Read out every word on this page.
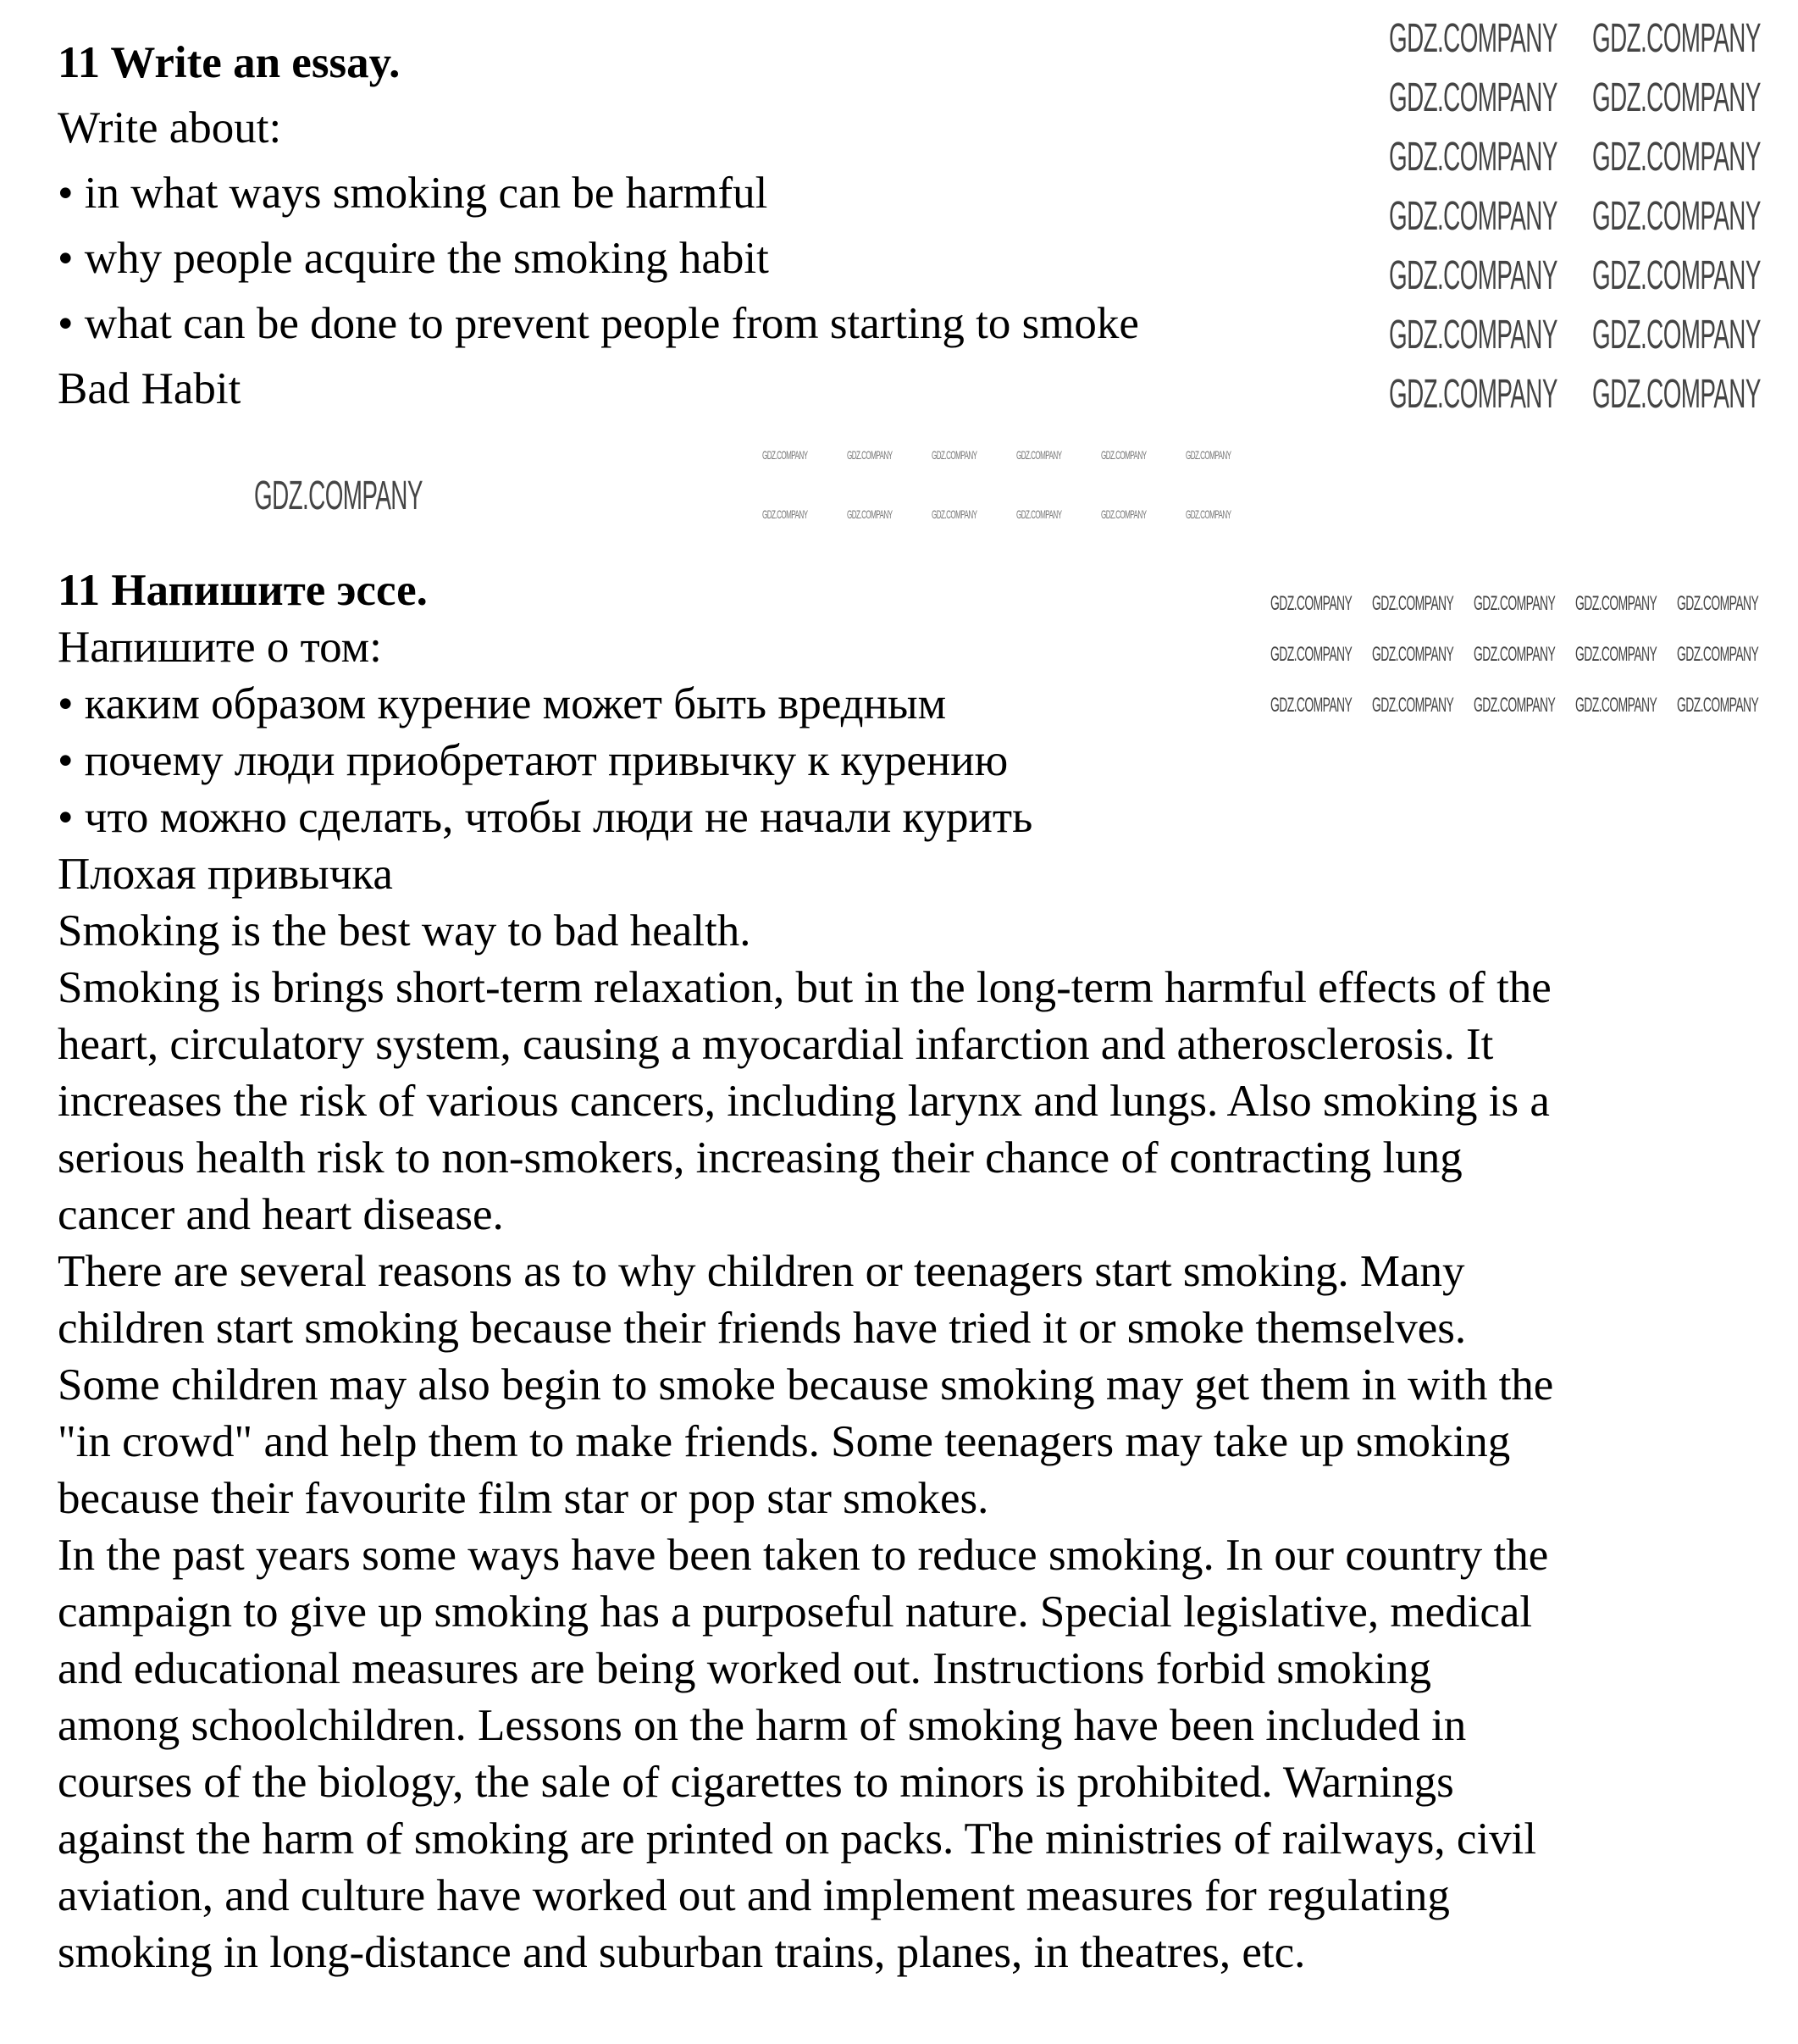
11 Write an essay.
Write about:
• in what ways smoking can be harmful
• why people acquire the smoking habit
• what can be done to prevent people from starting to smoke
Bad Habit
11 Напишите эссе.
Напишите о том:
• каким образом курение может быть вредным
• почему люди приобретают привычку к курению
• что можно сделать, чтобы люди не начали курить
Плохая привычка
Smoking is the best way to bad health.
Smoking is brings short-term relaxation, but in the long-term harmful effects of the
heart, circulatory system, causing a myocardial infarction and atherosclerosis. It
increases the risk of various cancers, including larynx and lungs. Also smoking is a
serious health risk to non-smokers, increasing their chance of contracting lung
cancer and heart disease.
There are several reasons as to why children or teenagers start smoking. Many
children start smoking because their friends have tried it or smoke themselves.
Some children may also begin to smoke because smoking may get them in with the
"in crowd" and help them to make friends. Some teenagers may take up smoking
because their favourite film star or pop star smokes.
In the past years some ways have been taken to reduce smoking. In our country the
campaign to give up smoking has a purposeful nature. Special legislative, medical
and educational measures are being worked out. Instructions forbid smoking
among schoolchildren. Lessons on the harm of smoking have been included in
courses of the biology, the sale of cigarettes to minors is prohibited. Warnings
against the harm of smoking are printed on packs. The ministries of railways, civil
aviation, and culture have worked out and implement measures for regulating
smoking in long-distance and suburban trains, planes, in theatres, etc.
GDZ.COMPANY GDZ.COMPANY
GDZ.COMPANY GDZ.COMPANY
GDZ.COMPANY GDZ.COMPANY
GDZ.COMPANY GDZ.COMPANY
GDZ.COMPANY GDZ.COMPANY
GDZ.COMPANY GDZ.COMPANY
GDZ.COMPANY GDZ.COMPANY
GDZ.COMPANY
GDZ.COMPANY GDZ.COMPANY GDZ.COMPANY GDZ.COMPANY GDZ.COMPANY
GDZ.COMPANY GDZ.COMPANY GDZ.COMPANY GDZ.COMPANY GDZ.COMPANY
GDZ.COMPANY GDZ.COMPANY GDZ.COMPANY GDZ.COMPANY GDZ.COMPANY
GDZ.COMPANY	GDZ.COMPANY	GDZ.COMPANY	GDZ.COMPANY	GDZ.COMPANY	GDZ.COMPANY
GDZ.COMPANY	GDZ.COMPANY	GDZ.COMPANY	GDZ.COMPANY	GDZ.COMPANY	GDZ.COMPANY
